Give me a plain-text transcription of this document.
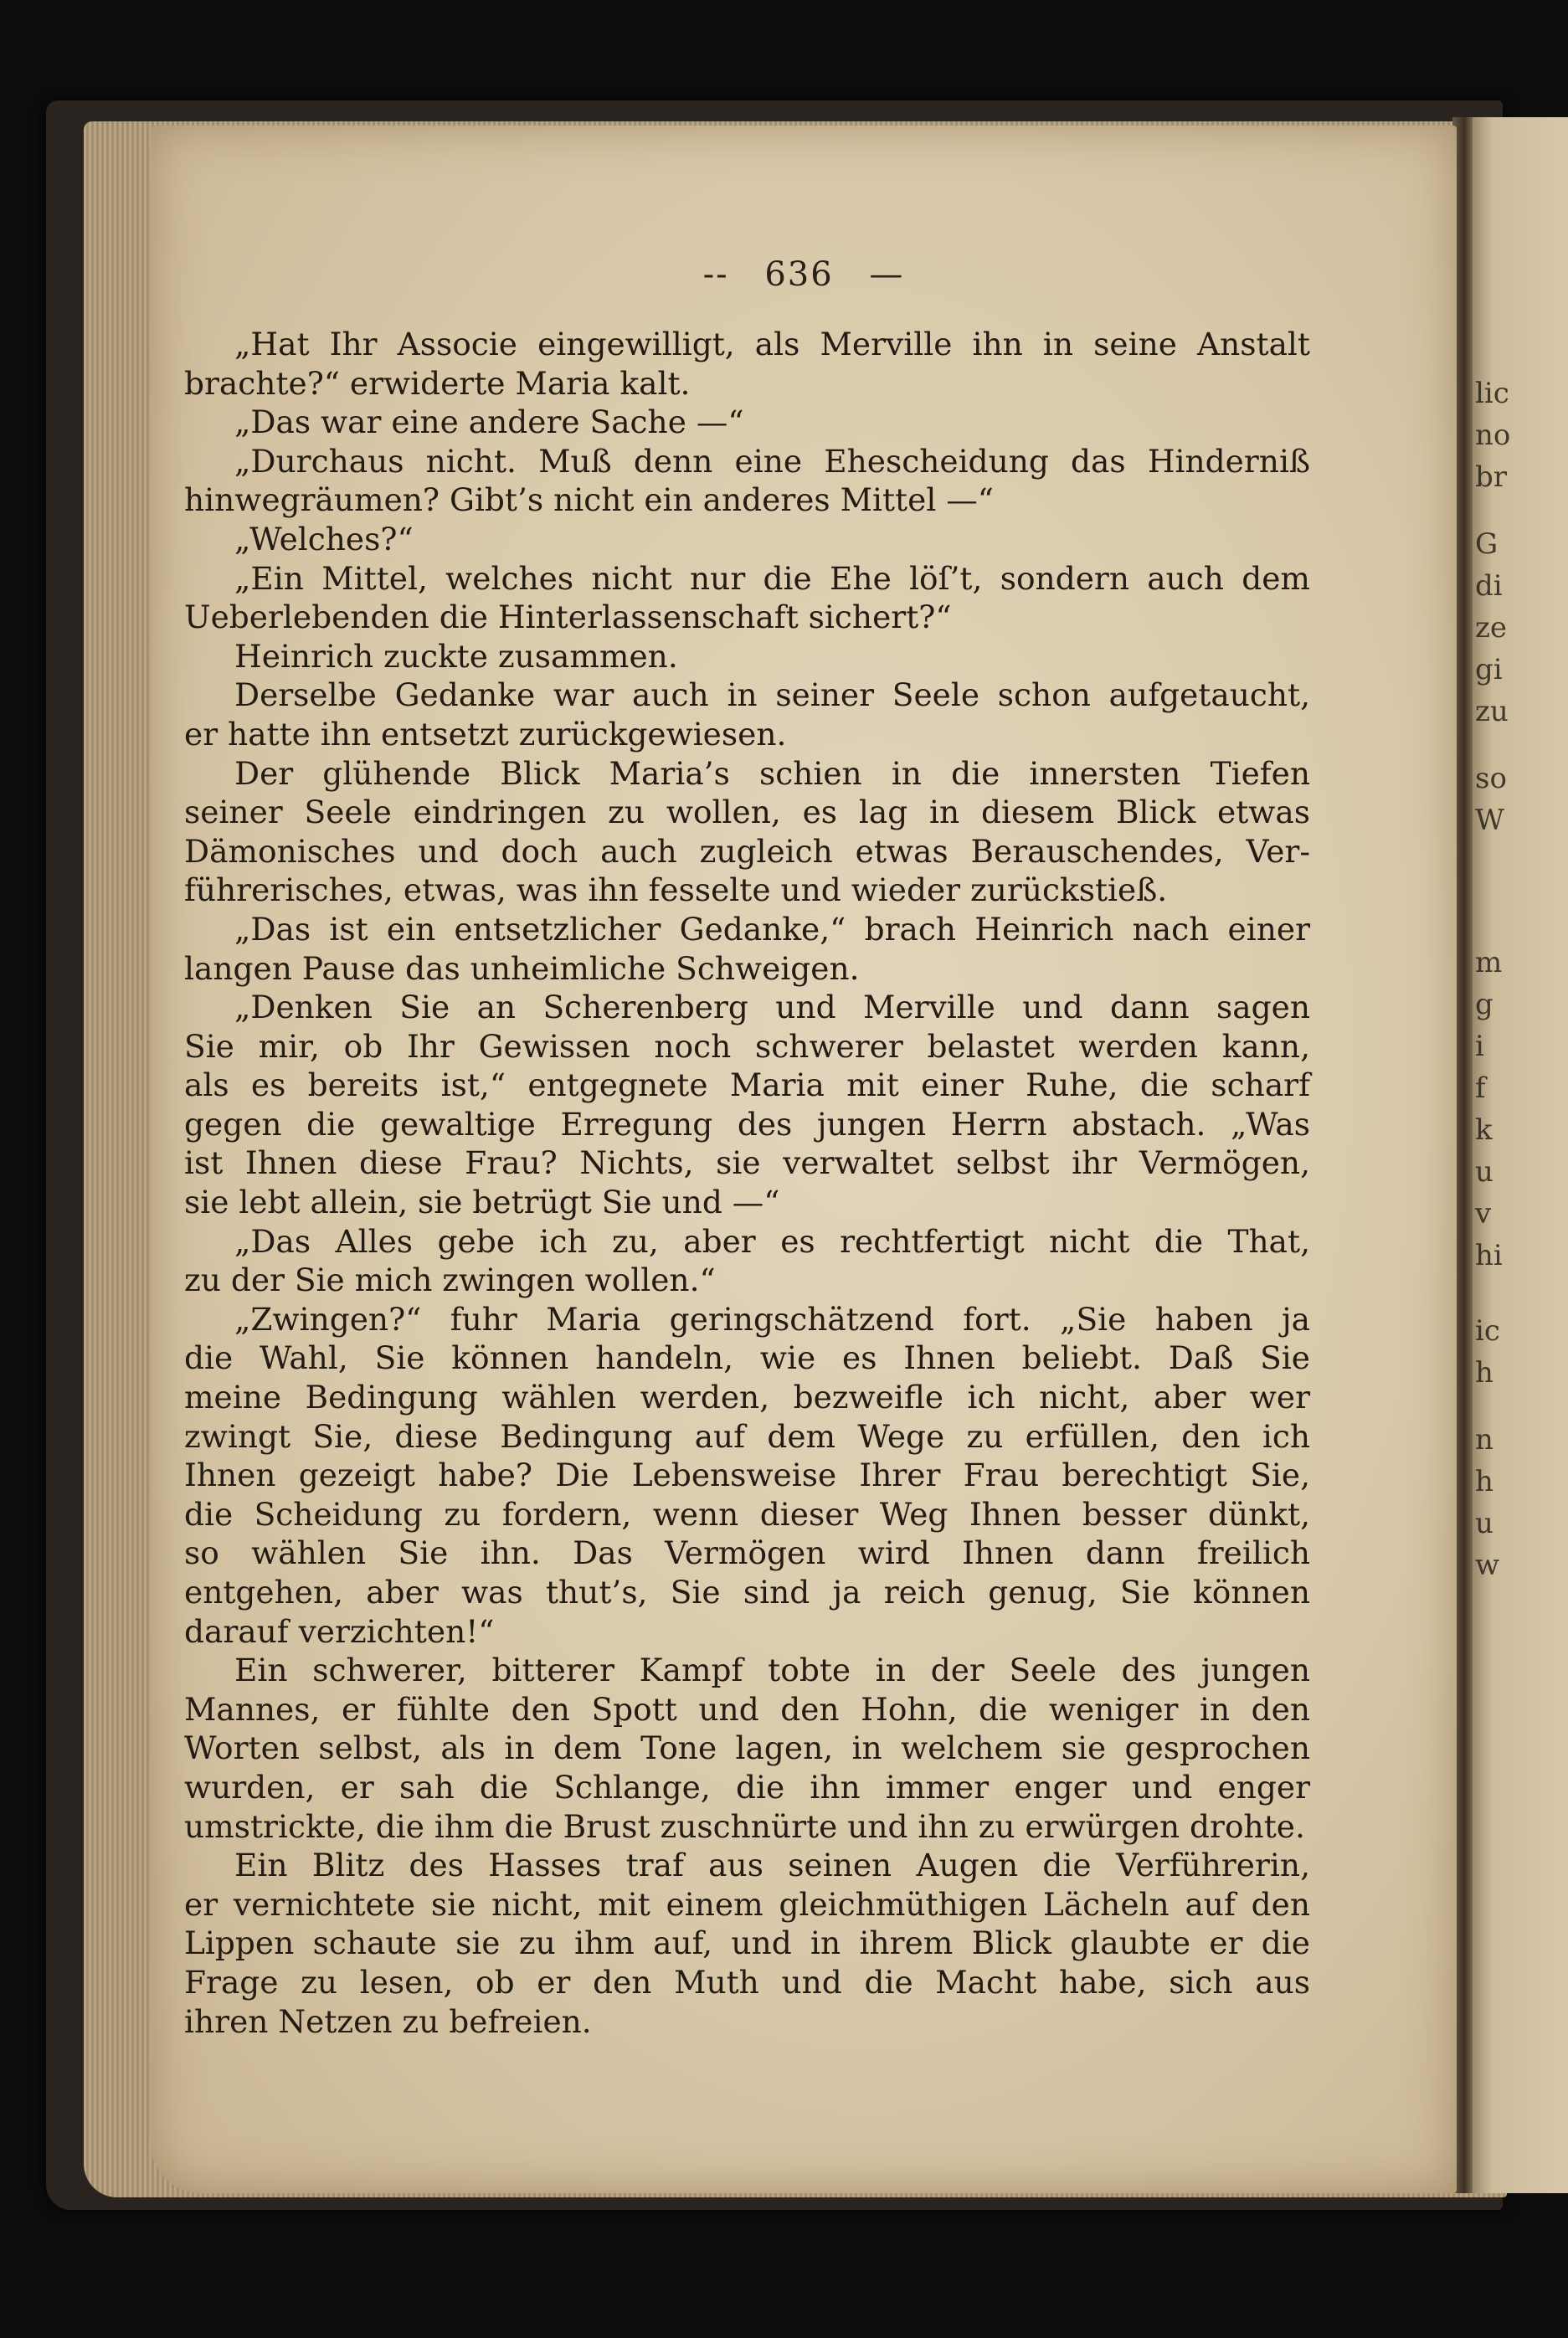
lic
no
br
G
di
ze
gi
zu
so
W
m
g
i
f
k
u
v
hi
ic
h
n
h
u
w
-- 636 —
„Hat Ihr Associe eingewilligt, als Merville ihn in seine Anstalt
brachte?“ erwiderte Maria kalt.
„Das war eine andere Sache —“
„Durchaus nicht. Muß denn eine Ehescheidung das Hinderniß
hinwegräumen? Gibt’s nicht ein anderes Mittel —“
„Welches?“
„Ein Mittel, welches nicht nur die Ehe löſ’t, sondern auch dem
Ueberlebenden die Hinterlassenschaft sichert?“
Heinrich zuckte zusammen.
Derselbe Gedanke war auch in seiner Seele schon aufgetaucht,
er hatte ihn entsetzt zurückgewiesen.
Der glühende Blick Maria’s schien in die innersten Tiefen
seiner Seele eindringen zu wollen, es lag in diesem Blick etwas
Dämonisches und doch auch zugleich etwas Berauschendes, Ver-
führerisches, etwas, was ihn fesselte und wieder zurückstieß.
„Das ist ein entsetzlicher Gedanke,“ brach Heinrich nach einer
langen Pause das unheimliche Schweigen.
„Denken Sie an Scherenberg und Merville und dann sagen
Sie mir, ob Ihr Gewissen noch schwerer belastet werden kann,
als es bereits ist,“ entgegnete Maria mit einer Ruhe, die scharf
gegen die gewaltige Erregung des jungen Herrn abstach. „Was
ist Ihnen diese Frau? Nichts, sie verwaltet selbst ihr Vermögen,
sie lebt allein, sie betrügt Sie und —“
„Das Alles gebe ich zu, aber es rechtfertigt nicht die That,
zu der Sie mich zwingen wollen.“
„Zwingen?“ fuhr Maria geringschätzend fort. „Sie haben ja
die Wahl, Sie können handeln, wie es Ihnen beliebt. Daß Sie
meine Bedingung wählen werden, bezweifle ich nicht, aber wer
zwingt Sie, diese Bedingung auf dem Wege zu erfüllen, den ich
Ihnen gezeigt habe? Die Lebensweise Ihrer Frau berechtigt Sie,
die Scheidung zu fordern, wenn dieser Weg Ihnen besser dünkt,
so wählen Sie ihn. Das Vermögen wird Ihnen dann freilich
entgehen, aber was thut’s, Sie sind ja reich genug, Sie können
darauf verzichten!“
Ein schwerer, bitterer Kampf tobte in der Seele des jungen
Mannes, er fühlte den Spott und den Hohn, die weniger in den
Worten selbst, als in dem Tone lagen, in welchem sie gesprochen
wurden, er sah die Schlange, die ihn immer enger und enger
umstrickte, die ihm die Brust zuschnürte und ihn zu erwürgen drohte.
Ein Blitz des Hasses traf aus seinen Augen die Verführerin,
er vernichtete sie nicht, mit einem gleichmüthigen Lächeln auf den
Lippen schaute sie zu ihm auf, und in ihrem Blick glaubte er die
Frage zu lesen, ob er den Muth und die Macht habe, sich aus
ihren Netzen zu befreien.
